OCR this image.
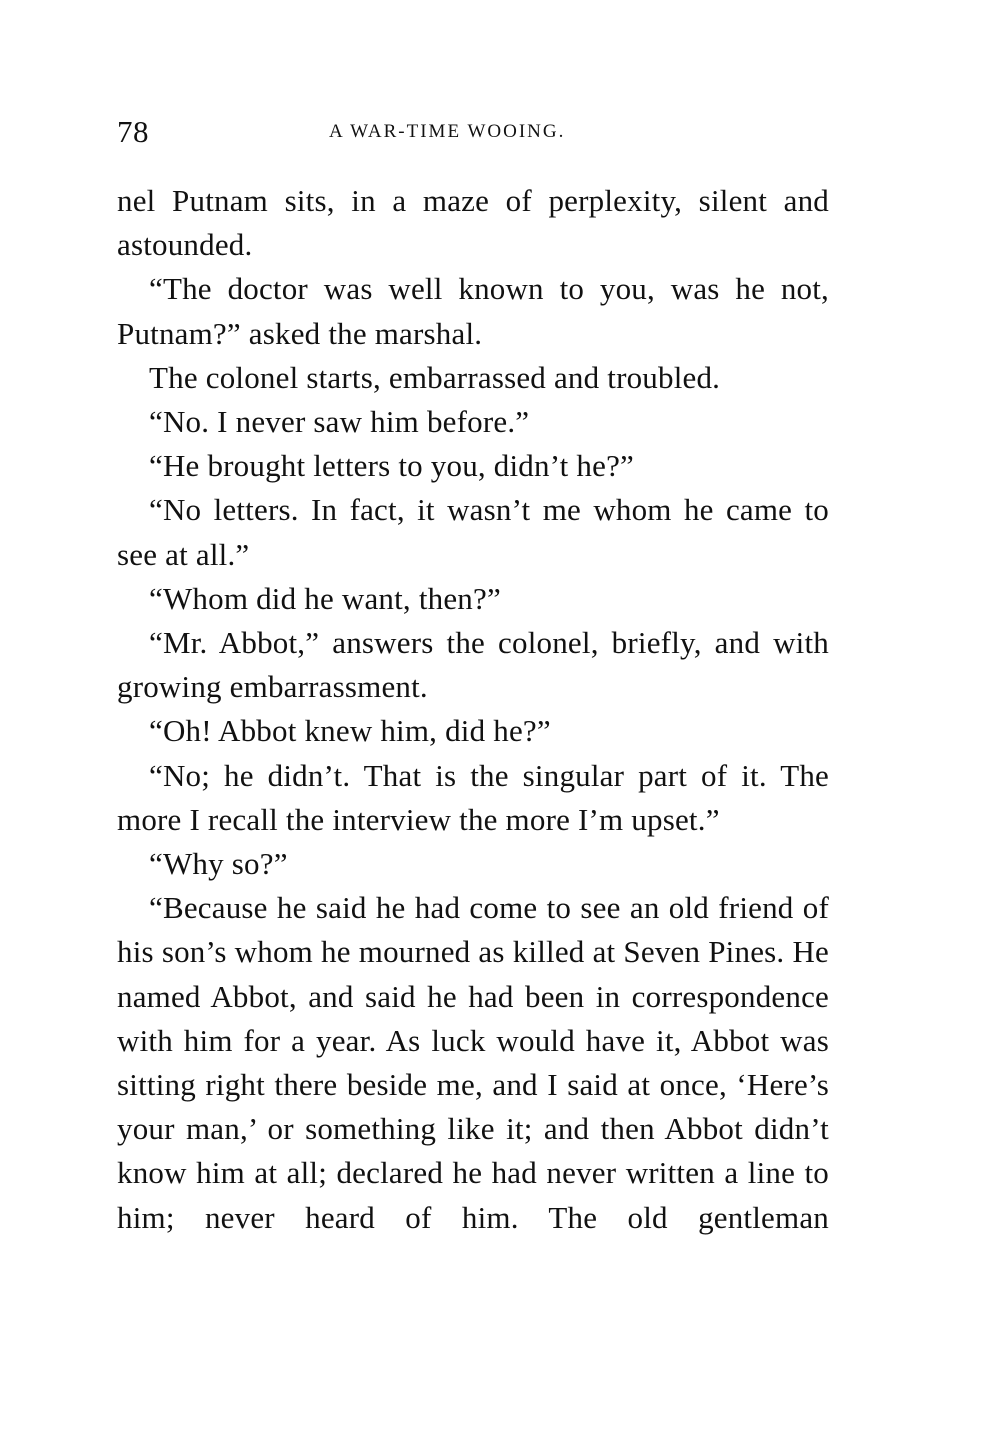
78	A WAR-TIME WOOING.

nel Putnam sits, in a maze of perplexity, silent and astounded.

“The doctor was well known to you, was he not, Putnam?” asked the marshal.

The colonel starts, embarrassed and troubled.

“No. I never saw him before.”

“He brought letters to you, didn’t he?”

“No letters. In fact, it wasn’t me whom he came to see at all.”

“Whom did he want, then?”

“Mr. Abbot,” answers the colonel, briefly, and with growing embarrassment.

“Oh! Abbot knew him, did he?”

“No; he didn’t. That is the singular part of it. The more I recall the interview the more I’m upset.”

“Why so?”

“Because he said he had come to see an old friend of his son’s whom he mourned as killed at Seven Pines. He named Abbot, and said he had been in correspondence with him for a year. As luck would have it, Abbot was sitting right there beside me, and I said at once, ‘Here’s your man,’ or something like it; and then Abbot didn’t know him at all; declared he had never written a line to him; never heard of him. The old gentleman
